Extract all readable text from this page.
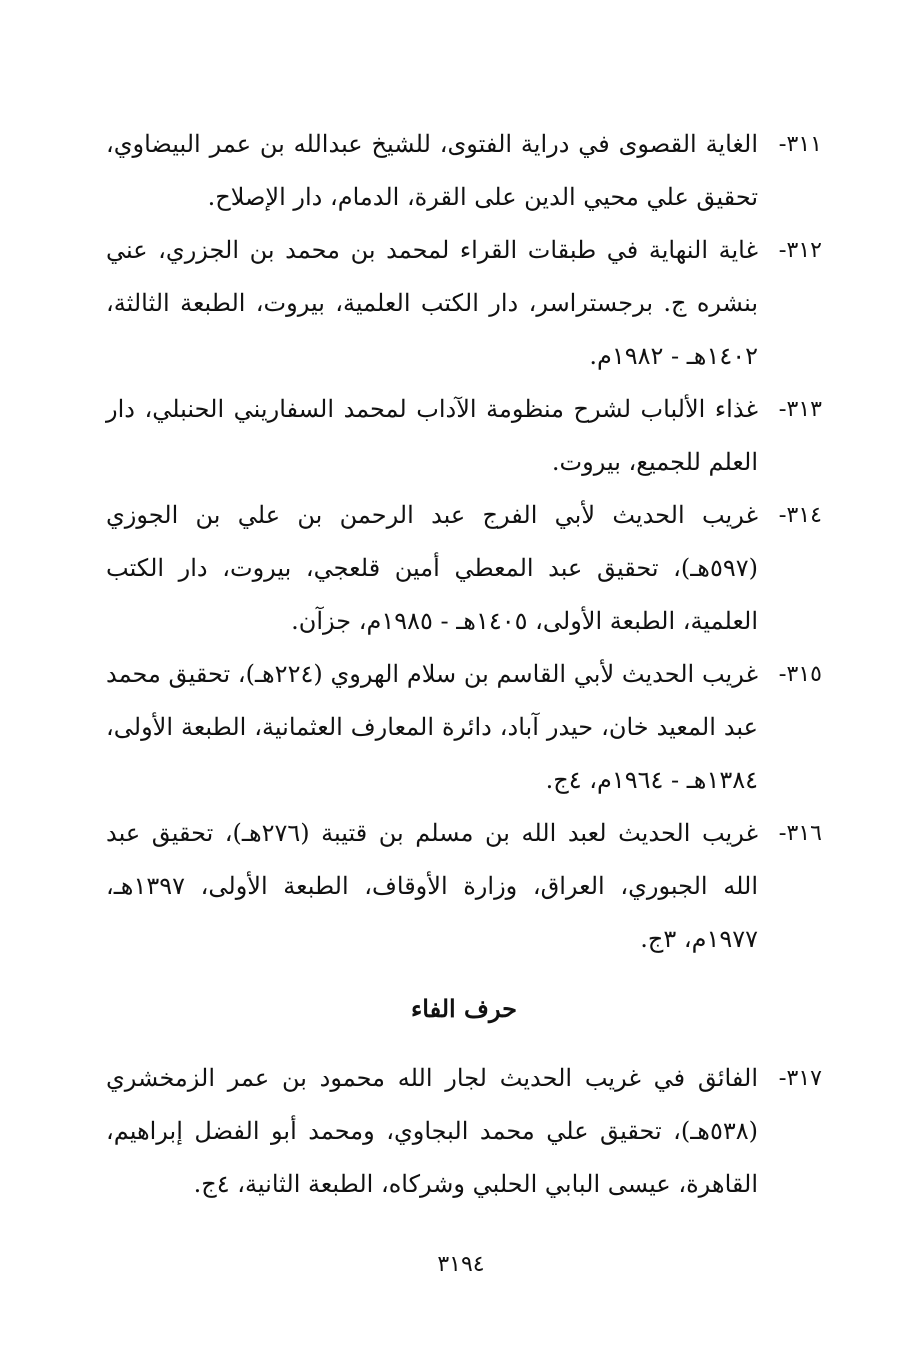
٣١١-
الغاية القصوى في دراية الفتوى، للشيخ عبدالله بن عمر البيضاوي، تحقيق علي محيي الدين على القرة، الدمام، دار الإصلاح.

٣١٢-
غاية النهاية في طبقات القراء لمحمد بن محمد بن الجزري، عني بنشره ج. برجستراسر، دار الكتب العلمية، بيروت، الطبعة الثالثة، ١٤٠٢هـ - ١٩٨٢م.

٣١٣-
غذاء الألباب لشرح منظومة الآداب لمحمد السفاريني الحنبلي، دار العلم للجميع، بيروت.

٣١٤-
غريب الحديث لأبي الفرج عبد الرحمن بن علي بن الجوزي (٥٩٧هـ)، تحقيق عبد المعطي أمين قلعجي، بيروت، دار الكتب العلمية، الطبعة الأولى، ١٤٠٥هـ - ١٩٨٥م، جزآن.

٣١٥-
غريب الحديث لأبي القاسم بن سلام الهروي (٢٢٤هـ)، تحقيق محمد عبد المعيد خان، حيدر آباد، دائرة المعارف العثمانية، الطبعة الأولى، ١٣٨٤هـ - ١٩٦٤م، ٤ج.

٣١٦-
غريب الحديث لعبد الله بن مسلم بن قتيبة (٢٧٦هـ)، تحقيق عبد الله الجبوري، العراق، وزارة الأوقاف، الطبعة الأولى، ١٣٩٧هـ، ١٩٧٧م، ٣ج.

حرف الفاء

٣١٧-
الفائق في غريب الحديث لجار الله محمود بن عمر الزمخشري (٥٣٨هـ)، تحقيق علي محمد البجاوي، ومحمد أبو الفضل إبراهيم، القاهرة، عيسى البابي الحلبي وشركاه، الطبعة الثانية، ٤ج.

٣١٩٤
